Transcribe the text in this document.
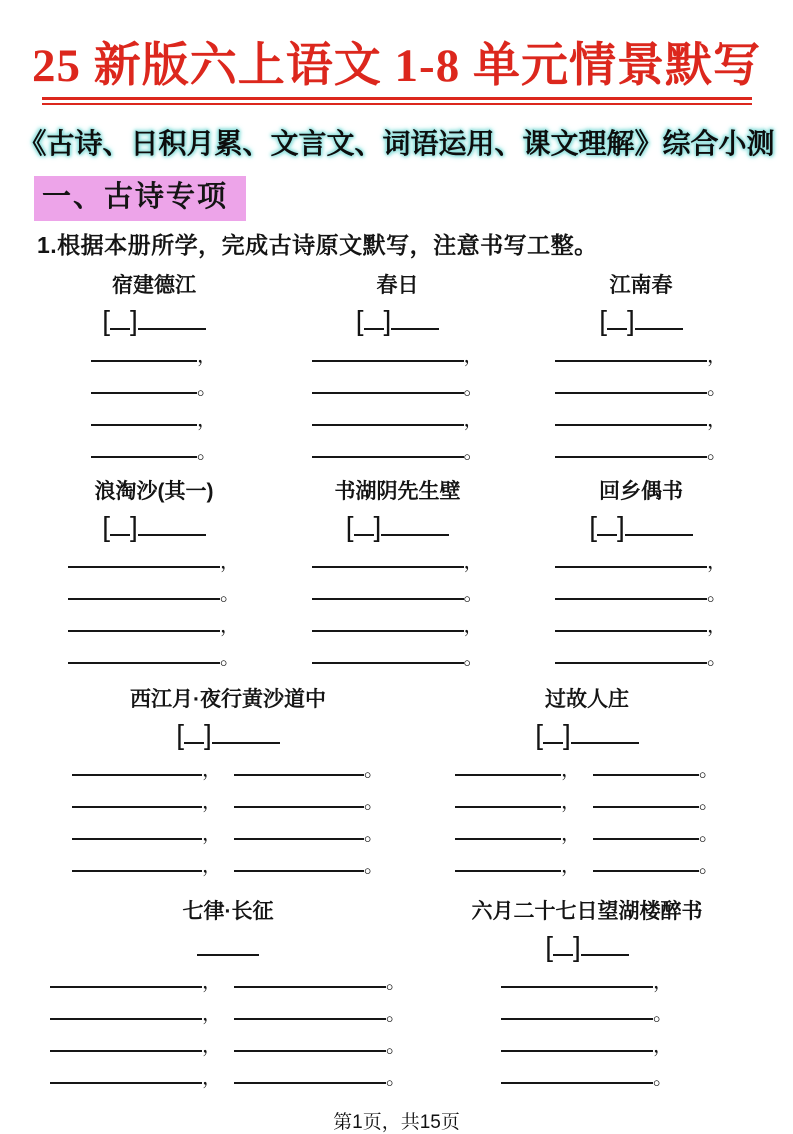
25 新版六上语文 1-8 单元情景默写
《古诗、日积月累、文言文、词语运用、课文理解》综合小测
一、古诗专项
1.根据本册所学，完成古诗原文默写，注意书写工整。
宿建德江
[ ]
，
。
，
。
春日
[ ]
，
。
，
。
江南春
[ ]
，
。
，
。
浪淘沙(其一)
[ ]
，
。
，
。
书湖阴先生壁
[ ]
，
。
，
。
回乡偶书
[ ]
，
。
，
。
西江月·夜行黄沙道中
[ ]
，	。
，	。
，	。
，	。
过故人庄
[ ]
，	。
，	。
，	。
，	。
七律·长征
，	。
，	。
，	。
，	。
六月二十七日望湖楼醉书
[ ]
，
。
，
。
第1页，共15页
